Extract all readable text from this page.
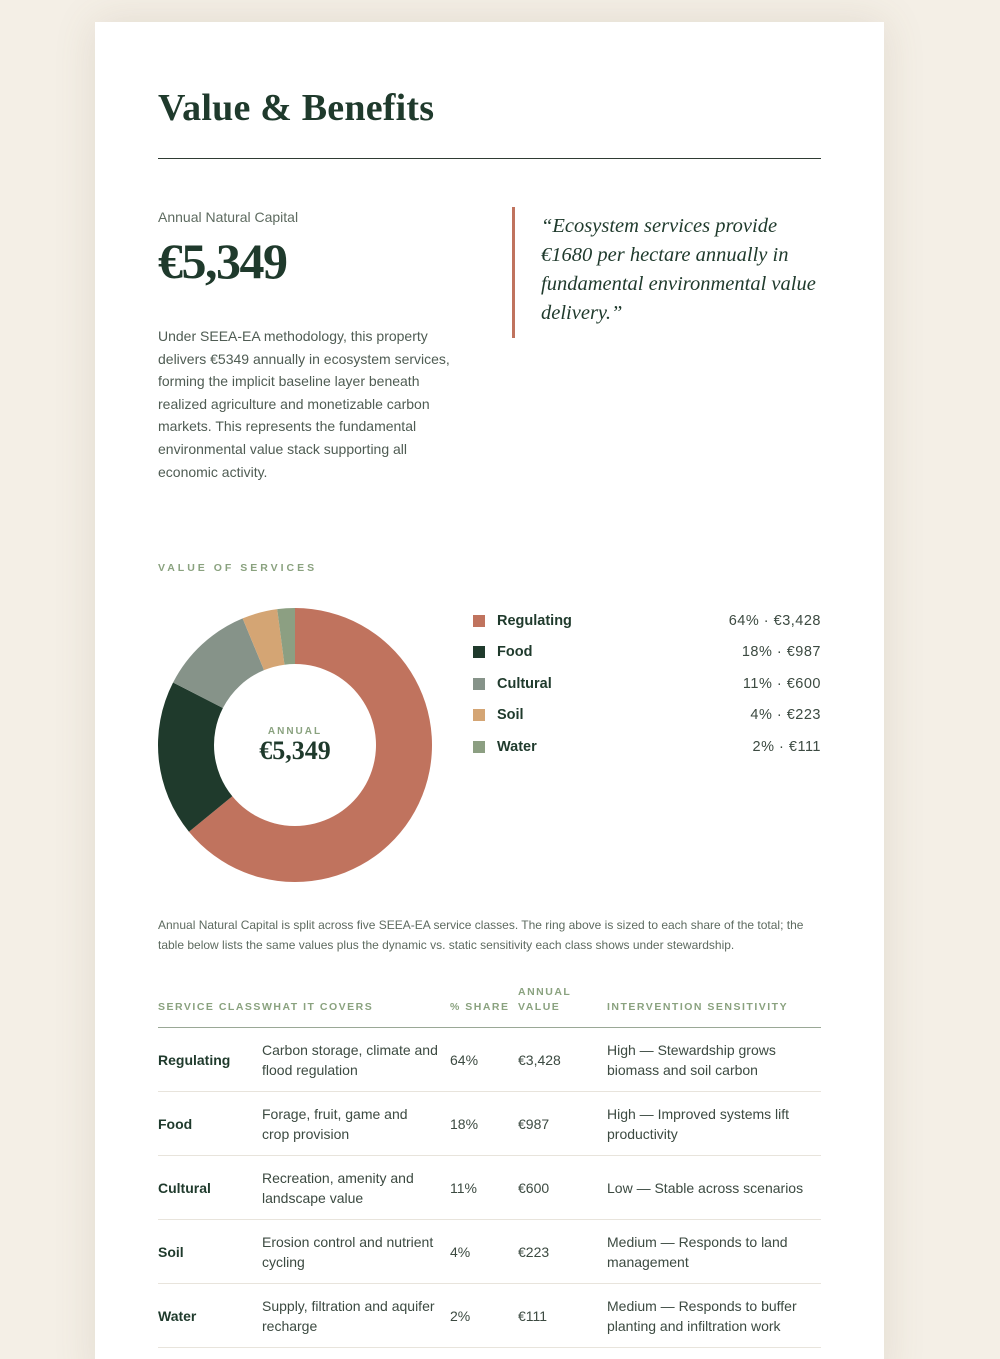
Value & Benefits
Annual Natural Capital
€5,349

Under SEEA-EA methodology, this property delivers €5349 annually in ecosystem services, forming the implicit baseline layer beneath realized agriculture and monetizable carbon markets. This represents the fundamental environmental value stack supporting all economic activity.

“Ecosystem services provide €1680 per hectare annually in fundamental environmental value delivery.”
VALUE OF SERVICES
ANNUAL
€5,349
Regulating	64% · €3,428
Food	18% · €987
Cultural	11% · €600
Soil	4% · €223
Water	2% · €111

Annual Natural Capital is split across five SEEA-EA service classes. The ring above is sized to each share of the total; the table below lists the same values plus the dynamic vs. static sensitivity each class shows under stewardship.

SERVICE CLASS	WHAT IT COVERS	% SHARE	ANNUAL VALUE	INTERVENTION SENSITIVITY
Regulating	Carbon storage, climate and flood regulation	64%	€3,428	High — Stewardship grows biomass and soil carbon
Food	Forage, fruit, game and crop provision	18%	€987	High — Improved systems lift productivity
Cultural	Recreation, amenity and landscape value	11%	€600	Low — Stable across scenarios
Soil	Erosion control and nutrient cycling	4%	€223	Medium — Responds to land management
Water	Supply, filtration and aquifer recharge	2%	€111	Medium — Responds to buffer planting and infiltration work
